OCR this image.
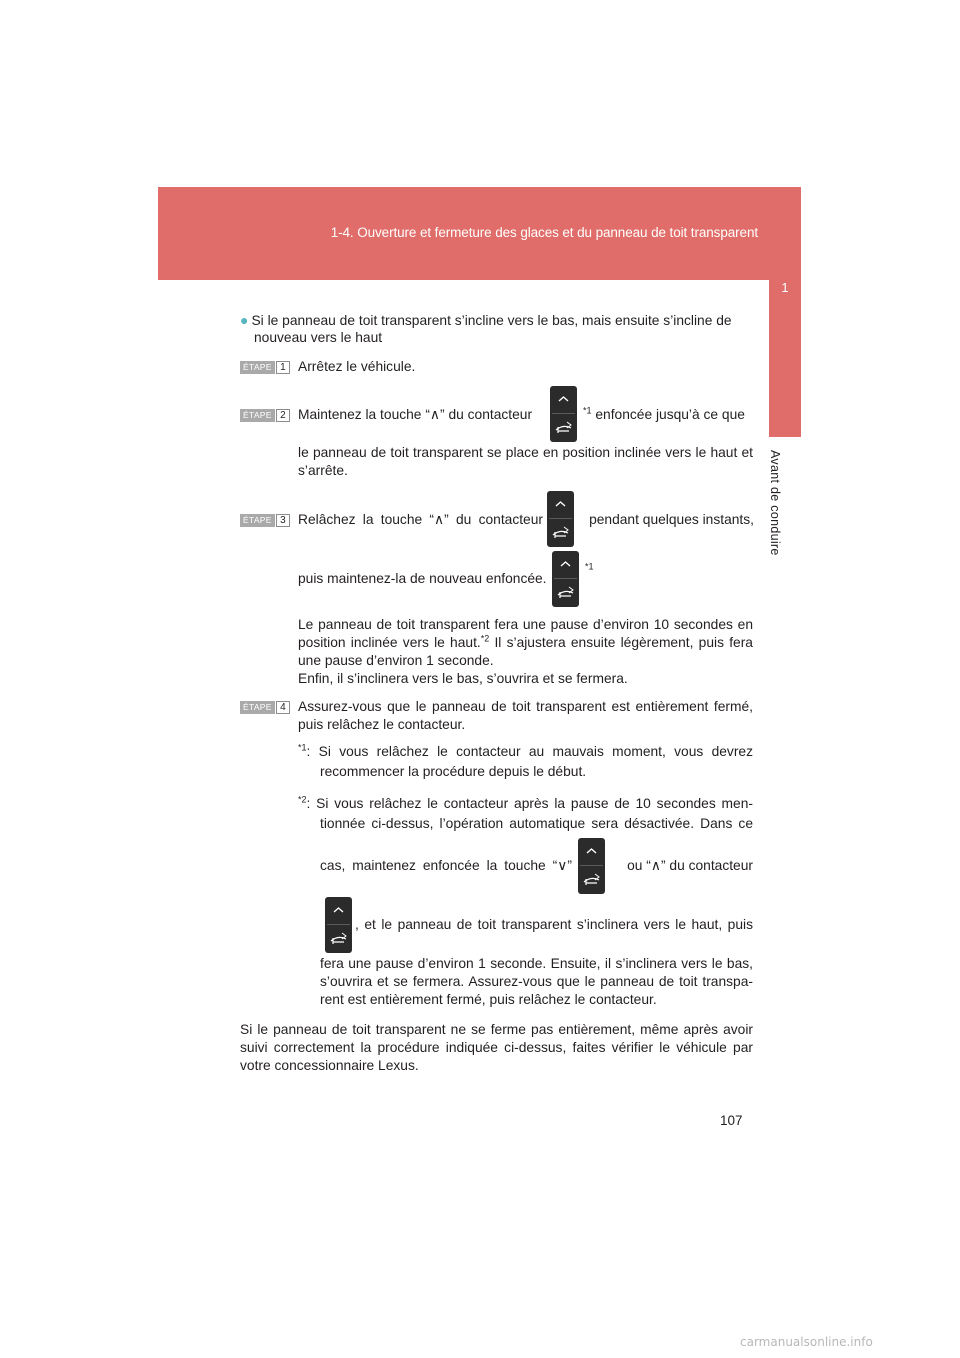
1-4. Ouverture et fermeture des glaces et du panneau de toit transparent
1
Avant de conduire
● Si le panneau de toit transparent s’incline vers le bas, mais ensuite s’incline de
nouveau vers le haut
ÉTAPE 1 Arrêtez le véhicule.
ÉTAPE 2 Maintenez la touche “∧” du contacteur	$^{*1}$ enfoncée jusqu’à ce que
le panneau de toit transparent se place en position inclinée vers le haut et
s’arrête.
ÉTAPE 3 Relâchez la touche “∧” du contacteur	pendant quelques instants,
puis maintenez-la de nouveau enfoncée.
$^{*1}$
Le panneau de toit transparent fera une pause d’environ 10 secondes en
position inclinée vers le haut.$^{*2}$ Il s’ajustera ensuite légèrement, puis fera
une pause d’environ 1 seconde.
Enfin, il s’inclinera vers le bas, s’ouvrira et se fermera.
ÉTAPE 4 Assurez-vous que le panneau de toit transparent est entièrement fermé,
puis relâchez le contacteur.
$^{*1}$: Si vous relâchez le contacteur au mauvais moment, vous devrez
recommencer la procédure depuis le début.
$^{*2}$: Si vous relâchez le contacteur après la pause de 10 secondes men-
tionnée ci-dessus, l’opération automatique sera désactivée. Dans ce
cas, maintenez enfoncée la touche “∨”	ou “∧” du contacteur
, et le panneau de toit transparent s’inclinera vers le haut, puis
fera une pause d’environ 1 seconde. Ensuite, il s’inclinera vers le bas,
s’ouvrira et se fermera. Assurez-vous que le panneau de toit transpa-
rent est entièrement fermé, puis relâchez le contacteur.
Si le panneau de toit transparent ne se ferme pas entièrement, même après avoir
suivi correctement la procédure indiquée ci-dessus, faites vérifier le véhicule par
votre concessionnaire Lexus.
107
carmanualsonline.info
